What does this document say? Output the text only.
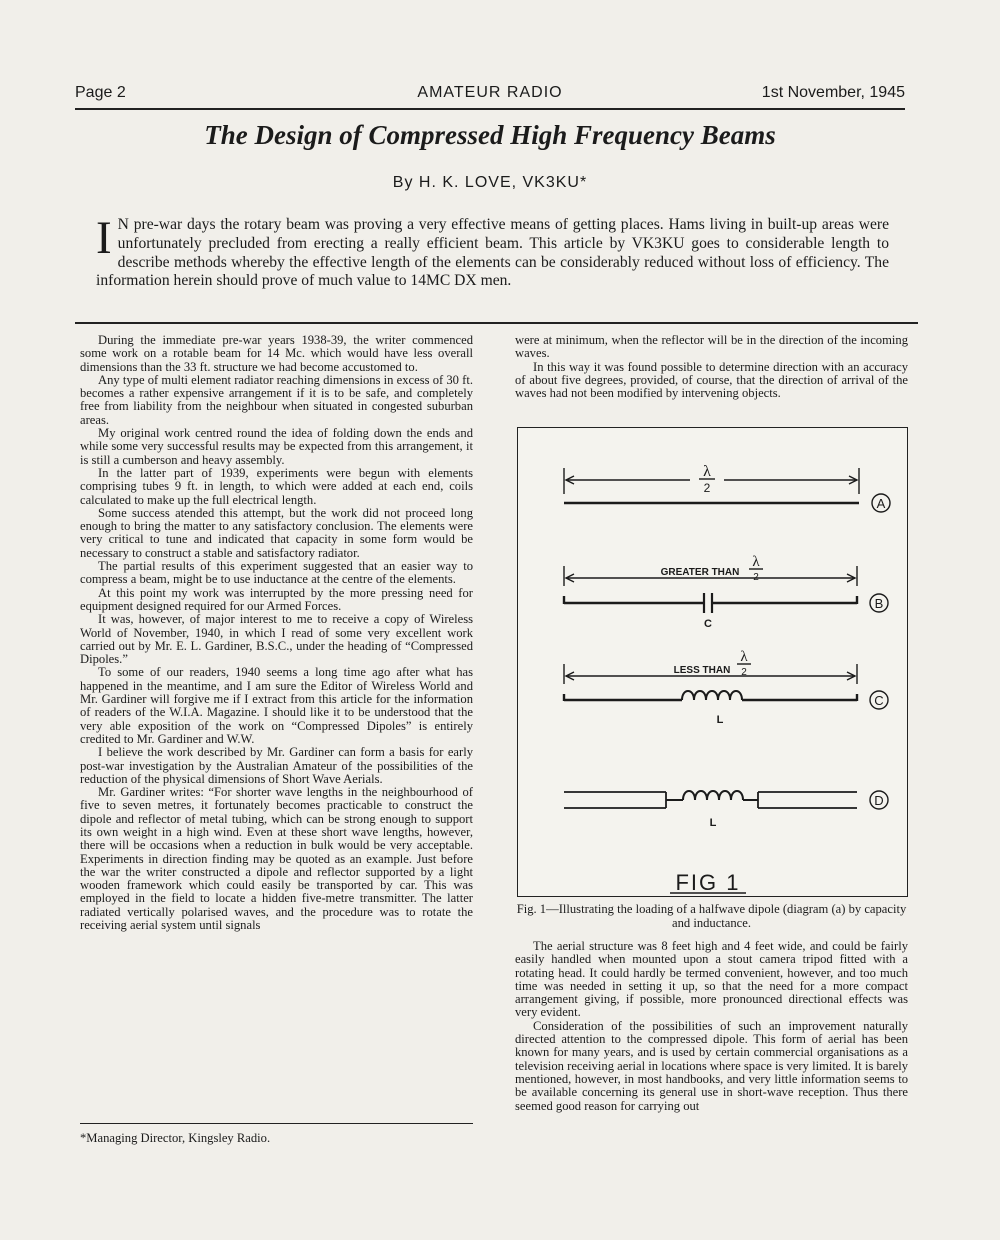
Page 2	AMATEUR RADIO	1st November, 1945
The Design of Compressed High Frequency Beams
By H. K. LOVE, VK3KU*
I N pre-war days the rotary beam was proving a very effective means of getting places. Hams living in built-up areas were unfortunately precluded from erecting a really efficient beam. This article by VK3KU goes to considerable length to describe methods whereby the effective length of the elements can be considerably reduced without loss of efficiency. The information herein should prove of much value to 14MC DX men.

During the immediate pre-war years 1938-39, the writer commenced some work on a rotable beam for 14 Mc. which would have less overall dimensions than the 33 ft. structure we had become accustomed to.

Any type of multi element radiator reaching dimensions in excess of 30 ft. becomes a rather expensive arrangement if it is to be safe, and completely free from liability from the neighbour when situated in congested suburban areas.

My original work centred round the idea of folding down the ends and while some very successful results may be expected from this arrangement, it is still a cumberson and heavy assembly.

In the latter part of 1939, experiments were begun with elements comprising tubes 9 ft. in length, to which were added at each end, coils calculated to make up the full electrical length.

Some success atended this attempt, but the work did not proceed long enough to bring the matter to any satisfactory conclusion. The elements were very critical to tune and indicated that capacity in some form would be necessary to construct a stable and satisfactory radiator.

The partial results of this experiment suggested that an easier way to compress a beam, might be to use inductance at the centre of the elements.

At this point my work was interrupted by the more pressing need for equipment designed required for our Armed Forces.

It was, however, of major interest to me to receive a copy of Wireless World of November, 1940, in which I read of some very excellent work carried out by Mr. E. L. Gardiner, B.S.C., under the heading of “Compressed Dipoles.”

To some of our readers, 1940 seems a long time ago after what has happened in the meantime, and I am sure the Editor of Wireless World and Mr. Gardiner will forgive me if I extract from this article for the information of readers of the W.I.A. Magazine. I should like it to be understood that the very able exposition of the work on “Compressed Dipoles” is entirely credited to Mr. Gardiner and W.W.

I believe the work described by Mr. Gardiner can form a basis for early post-war investigation by the Australian Amateur of the possibilities of the reduction of the physical dimensions of Short Wave Aerials.

Mr. Gardiner writes: “For shorter wave lengths in the neighbourhood of five to seven metres, it fortunately becomes practicable to construct the dipole and reflector of metal tubing, which can be strong enough to support its own weight in a high wind. Even at these short wave lengths, however, there will be occasions when a reduction in bulk would be very acceptable. Experiments in direction finding may be quoted as an example. Just before the war the writer constructed a dipole and reflector supported by a light wooden framework which could easily be transported by car. This was employed in the field to locate a hidden five-metre transmitter. The latter radiated vertically polarised waves, and the procedure was to rotate the receiving aerial system until signals

*Managing Director, Kingsley Radio.

were at minimum, when the reflector will be in the direction of the incoming waves.

In this way it was found possible to determine direction with an accuracy of about five degrees, provided, of course, that the direction of arrival of the waves had not been modified by intervening objects.

λ
2
A
GREATER THAN
λ
2
C
B
LESS THAN
λ
2
L
C
L
D
FIG 1
Fig. 1—Illustrating the loading of a halfwave dipole (diagram (a) by capacity and inductance.

The aerial structure was 8 feet high and 4 feet wide, and could be fairly easily handled when mounted upon a stout camera tripod fitted with a rotating head. It could hardly be termed convenient, however, and too much time was needed in setting it up, so that the need for a more compact arrangement giving, if possible, more pronounced directional effects was very evident.

Consideration of the possibilities of such an improvement naturally directed attention to the compressed dipole. This form of aerial has been known for many years, and is used by certain commercial organisations as a television receiving aerial in locations where space is very limited. It is barely mentioned, however, in most handbooks, and very little information seems to be available concerning its general use in short-wave reception. Thus there seemed good reason for carrying out
